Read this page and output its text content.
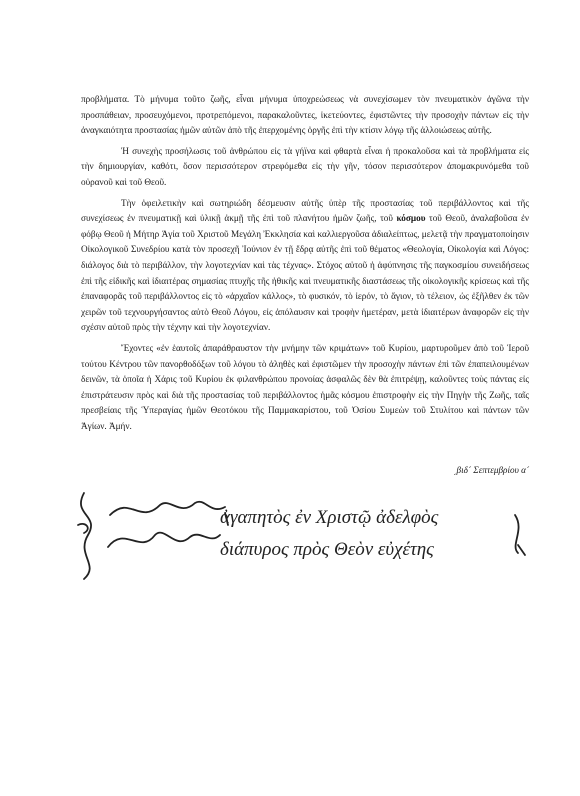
προβλήματα. Τὸ μήνυμα τοῦτο ζωῆς, εἶναι μήνυμα ὑποχρεώσεως νὰ συνεχίσωμεν τὸν πνευματικὸν ἀγῶνα τὴν προσπάθειαν, προσευχόμενοι, προτρεπόμενοι, παρακαλοῦντες, ἱκετεύοντες, ἐφιστῶντες τὴν προσοχὴν πάντων εἰς τὴν ἀναγκαιότητα προστασίας ἡμῶν αὐτῶν ἀπὸ τῆς ἐπερχομένης ὀργῆς ἐπὶ τὴν κτίσιν λόγῳ τῆς ἀλλοιώσεως αὐτῆς.

Ἡ συνεχὴς προσήλωσις τοῦ ἀνθρώπου εἰς τὰ γήϊνα καὶ φθαρτὰ εἶναι ἡ προκαλοῦσα καὶ τὰ προβλήματα εἰς τὴν δημιουργίαν, καθότι, ὅσον περισσότερον στρεφόμεθα εἰς τὴν γῆν, τόσον περισσότερον ἀπομακρυνόμεθα τοῦ οὐρανοῦ καὶ τοῦ Θεοῦ.

Τὴν ὀφειλετικὴν καὶ σωτηριώδη δέσμευσιν αὐτῆς ὑπὲρ τῆς προστασίας τοῦ περιβάλλοντος καὶ τῆς συνεχίσεως ἐν πνευματικῇ καὶ ὑλικῇ ἀκμῇ τῆς ἐπὶ τοῦ πλανήτου ἡμῶν ζωῆς, τοῦ κόσμου τοῦ Θεοῦ, ἀναλαβοῦσα ἐν φόβῳ Θεοῦ ἡ Μήτηρ Ἁγία τοῦ Χριστοῦ Μεγάλη Ἐκκλησία καὶ καλλιεργοῦσα ἀδιαλείπτως, μελετᾷ τὴν πραγματοποίησιν Οἰκολογικοῦ Συνεδρίου κατὰ τὸν προσεχῆ Ἰούνιον ἐν τῇ ἕδρᾳ αὐτῆς ἐπὶ τοῦ θέματος «Θεολογία, Οἰκολογία καὶ Λόγος: διάλογος διὰ τὸ περιβάλλον, τὴν λογοτεχνίαν καὶ τὰς τέχνας». Στόχος αὐτοῦ ἡ ἀφύπνησις τῆς παγκοσμίου συνειδήσεως ἐπὶ τῆς εἰδικῆς καὶ ἰδιαιτέρας σημασίας πτυχῆς τῆς ἠθικῆς καὶ πνευματικῆς διαστάσεως τῆς οἰκολογικῆς κρίσεως καὶ τῆς ἐπαναφορᾶς τοῦ περιβάλλοντος εἰς τὸ «ἀρχαῖον κάλλος», τὸ φυσικόν, τὸ ἱερόν, τὸ ἅγιον, τὸ τέλειον, ὡς ἐξῆλθεν ἐκ τῶν χειρῶν τοῦ τεχνουργήσαντος αὐτὸ Θεοῦ Λόγου, εἰς ἀπόλαυσιν καὶ τροφὴν ἡμετέραν, μετὰ ἰδιαιτέρων ἀναφορῶν εἰς τὴν σχέσιν αὐτοῦ πρὸς τὴν τέχνην καὶ τὴν λογοτεχνίαν.

Ἔχοντες «ἐν ἑαυτοῖς ἀπαράθραυστον τὴν μνήμην τῶν κριμάτων» τοῦ Κυρίου, μαρτυροῦμεν ἀπὸ τοῦ Ἱεροῦ τούτου Κέντρου τῶν πανορθοδόξων τοῦ λόγου τὸ ἀληθὲς καὶ ἐφιστῶμεν τὴν προσοχὴν πάντων ἐπὶ τῶν ἐπαπειλουμένων δεινῶν, τὰ ὁποῖα ἡ Χάρις τοῦ Κυρίου ἐκ φιλανθρώπου προνοίας ἀσφαλῶς δὲν θὰ ἐπιτρέψῃ, καλοῦντες τοὺς πάντας εἰς ἐπιστράτευσιν πρὸς καὶ διὰ τῆς προστασίας τοῦ περιβάλλοντος ἡμᾶς κόσμου ἐπιστροφὴν εἰς τὴν Πηγὴν τῆς Ζωῆς, ταῖς πρεσβείαις τῆς Ὑπεραγίας ἡμῶν Θεοτόκου τῆς Παμμακαρίστου, τοῦ Ὁσίου Συμεὼν τοῦ Στυλίτου καὶ πάντων τῶν Ἁγίων. Ἀμήν.

͵βιδ´ Σεπτεμβρίου α´
ἀγαπητὸς ἐν Χριστῷ ἀδελφὸς
διάπυρος πρὸς Θεὸν εὐχέτης
